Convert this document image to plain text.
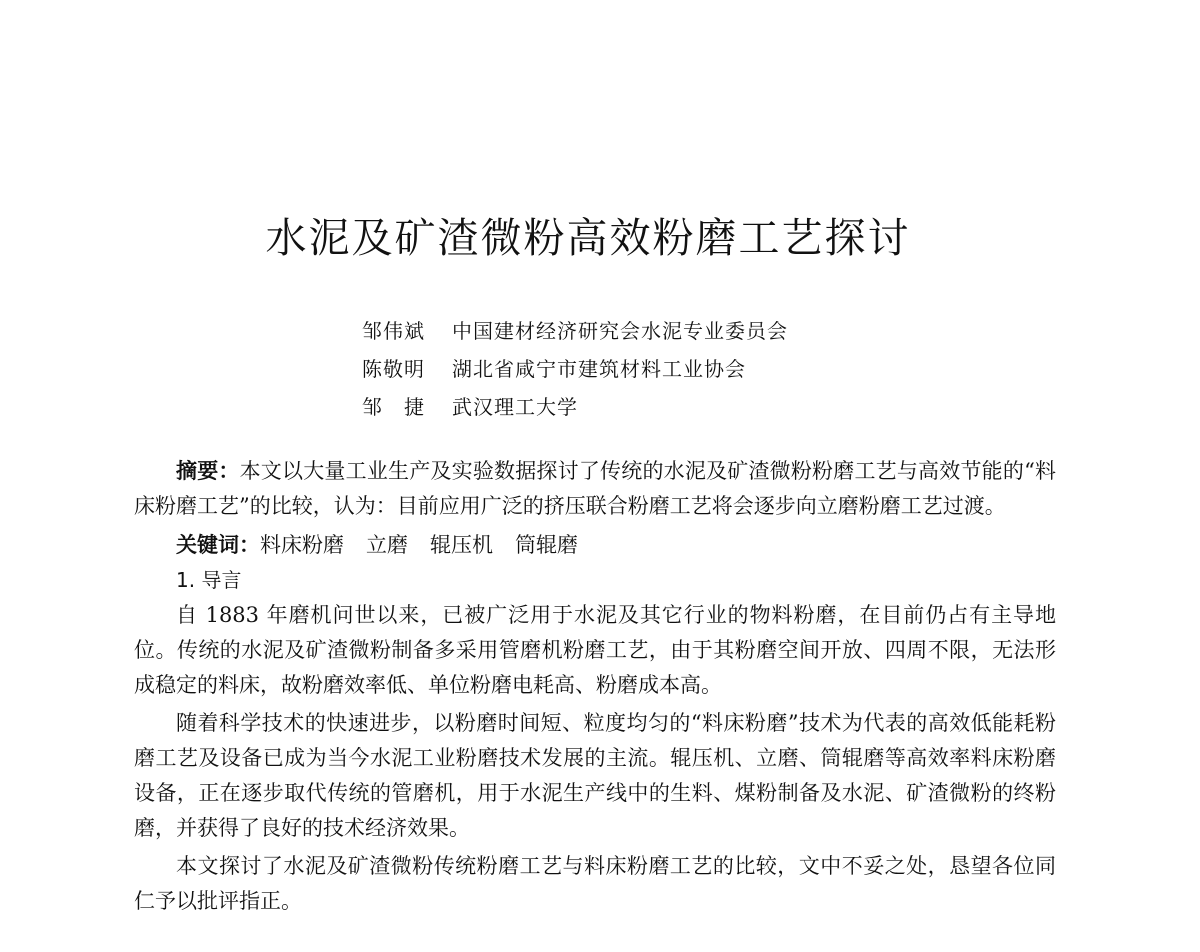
水泥及矿渣微粉高效粉磨工艺探讨
邹伟斌	中国建材经济研究会水泥专业委员会
陈敬明	湖北省咸宁市建筑材料工业协会
邹捷 武汉理工大学

摘要：本文以大量工业生产及实验数据探讨了传统的水泥及矿渣微粉粉磨工艺与高效节能的“料床粉磨工艺”的比较，认为：目前应用广泛的挤压联合粉磨工艺将会逐步向立磨粉磨工艺过渡。

关键词：料床粉磨 立磨 辊压机 筒辊磨

1. 导言

自 1883 年磨机问世以来，已被广泛用于水泥及其它行业的物料粉磨，在目前仍占有主导地位。传统的水泥及矿渣微粉制备多采用管磨机粉磨工艺，由于其粉磨空间开放、四周不限，无法形成稳定的料床，故粉磨效率低、单位粉磨电耗高、粉磨成本高。

随着科学技术的快速进步，以粉磨时间短、粒度均匀的“料床粉磨”技术为代表的高效低能耗粉磨工艺及设备已成为当今水泥工业粉磨技术发展的主流。辊压机、立磨、筒辊磨等高效率料床粉磨设备，正在逐步取代传统的管磨机，用于水泥生产线中的生料、煤粉制备及水泥、矿渣微粉的终粉磨，并获得了良好的技术经济效果。

本文探讨了水泥及矿渣微粉传统粉磨工艺与料床粉磨工艺的比较，文中不妥之处，恳望各位同仁予以批评指正。
